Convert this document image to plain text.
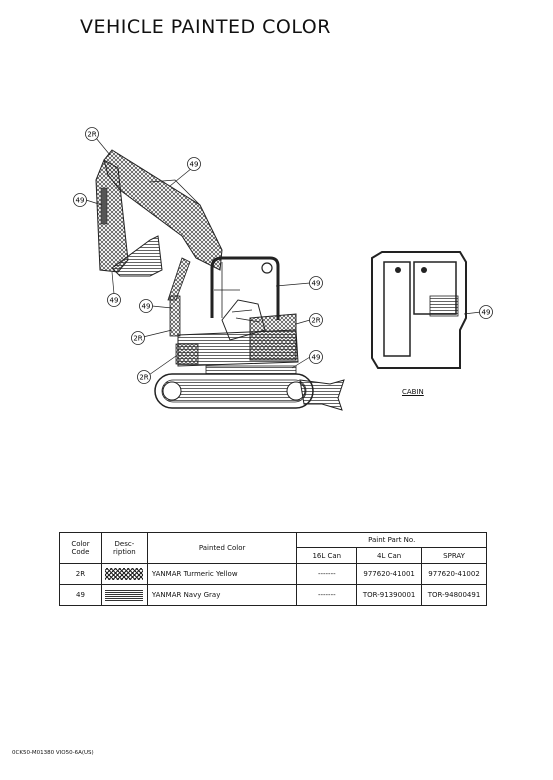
VEHICLE PAINTED COLOR
2R
49
49
49
49
49
2R
2R
49
2R
49
CABIN
Color
Code	Desc-
ription	Painted Color	Paint Part No.		
			16L Can	4L Can	SPRAY
2R		YANMAR Turmeric Yellow	-------	977620-41001	977620-41002
49		YANMAR Navy Gray	-------	TOR-91390001	TOR-94800491
0CK50-M01380 VIO50-6A(US)
